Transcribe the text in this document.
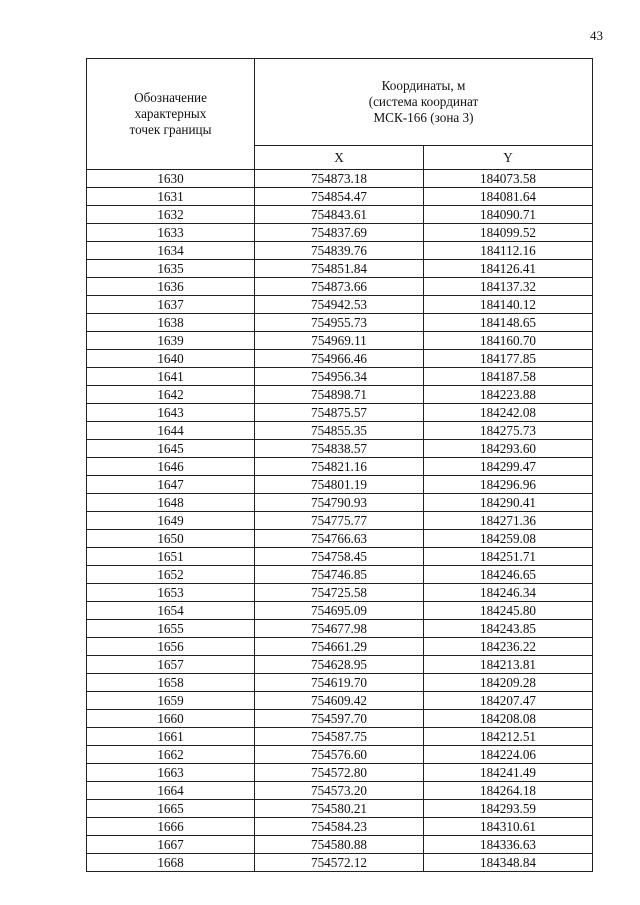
43
Обозначение
характерных
точек границы	Координаты, м
(система координат
МСК-166 (зона 3)	

	X	Y
1630	754873.18	184073.58
1631	754854.47	184081.64
1632	754843.61	184090.71
1633	754837.69	184099.52
1634	754839.76	184112.16
1635	754851.84	184126.41
1636	754873.66	184137.32
1637	754942.53	184140.12
1638	754955.73	184148.65
1639	754969.11	184160.70
1640	754966.46	184177.85
1641	754956.34	184187.58
1642	754898.71	184223.88
1643	754875.57	184242.08
1644	754855.35	184275.73
1645	754838.57	184293.60
1646	754821.16	184299.47
1647	754801.19	184296.96
1648	754790.93	184290.41
1649	754775.77	184271.36
1650	754766.63	184259.08
1651	754758.45	184251.71
1652	754746.85	184246.65
1653	754725.58	184246.34
1654	754695.09	184245.80
1655	754677.98	184243.85
1656	754661.29	184236.22
1657	754628.95	184213.81
1658	754619.70	184209.28
1659	754609.42	184207.47
1660	754597.70	184208.08
1661	754587.75	184212.51
1662	754576.60	184224.06
1663	754572.80	184241.49
1664	754573.20	184264.18
1665	754580.21	184293.59
1666	754584.23	184310.61
1667	754580.88	184336.63
1668	754572.12	184348.84
